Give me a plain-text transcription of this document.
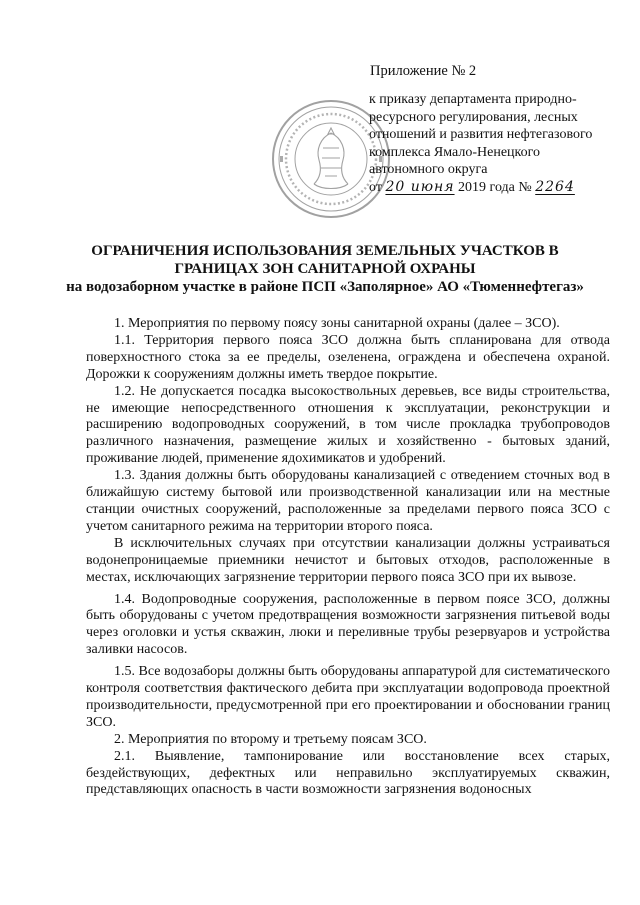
Приложение № 2
к приказу департамента природно-
ресурсного регулирования, лесных
отношений и развития нефтегазового
комплекса Ямало-Ненецкого
автономного округа
от 20 июня 2019 года № 2264
ОГРАНИЧЕНИЯ ИСПОЛЬЗОВАНИЯ ЗЕМЕЛЬНЫХ УЧАСТКОВ В
ГРАНИЦАХ ЗОН САНИТАРНОЙ ОХРАНЫ
на водозаборном участке в районе ПСП «Заполярное» АО «Тюменнефтегаз»

1. Мероприятия по первому поясу зоны санитарной охраны (далее – ЗСО).

1.1. Территория первого пояса ЗСО должна быть спланирована для отвода поверхностного стока за ее пределы, озеленена, ограждена и обеспечена охраной. Дорожки к сооружениям должны иметь твердое покрытие.

1.2. Не допускается посадка высокоствольных деревьев, все виды строительства, не имеющие непосредственного отношения к эксплуатации, реконструкции и расширению водопроводных сооружений, в том числе прокладка трубопроводов различного назначения, размещение жилых и хозяйственно - бытовых зданий, проживание людей, применение ядохимикатов и удобрений.

1.3. Здания должны быть оборудованы канализацией с отведением сточных вод в ближайшую систему бытовой или производственной канализации или на местные станции очистных сооружений, расположенные за пределами первого пояса ЗСО с учетом санитарного режима на территории второго пояса.

В исключительных случаях при отсутствии канализации должны устраиваться водонепроницаемые приемники нечистот и бытовых отходов, расположенные в местах, исключающих загрязнение территории первого пояса ЗСО при их вывозе.

1.4. Водопроводные сооружения, расположенные в первом поясе ЗСО, должны быть оборудованы с учетом предотвращения возможности загрязнения питьевой воды через оголовки и устья скважин, люки и переливные трубы резервуаров и устройства заливки насосов.

1.5. Все водозаборы должны быть оборудованы аппаратурой для систематического контроля соответствия фактического дебита при эксплуатации водопровода проектной производительности, предусмотренной при его проектировании и обосновании границ ЗСО.

2. Мероприятия по второму и третьему поясам ЗСО.

2.1. Выявление, тампонирование или восстановление всех старых, бездействующих, дефектных или неправильно эксплуатируемых скважин, представляющих опасность в части возможности загрязнения водоносных
